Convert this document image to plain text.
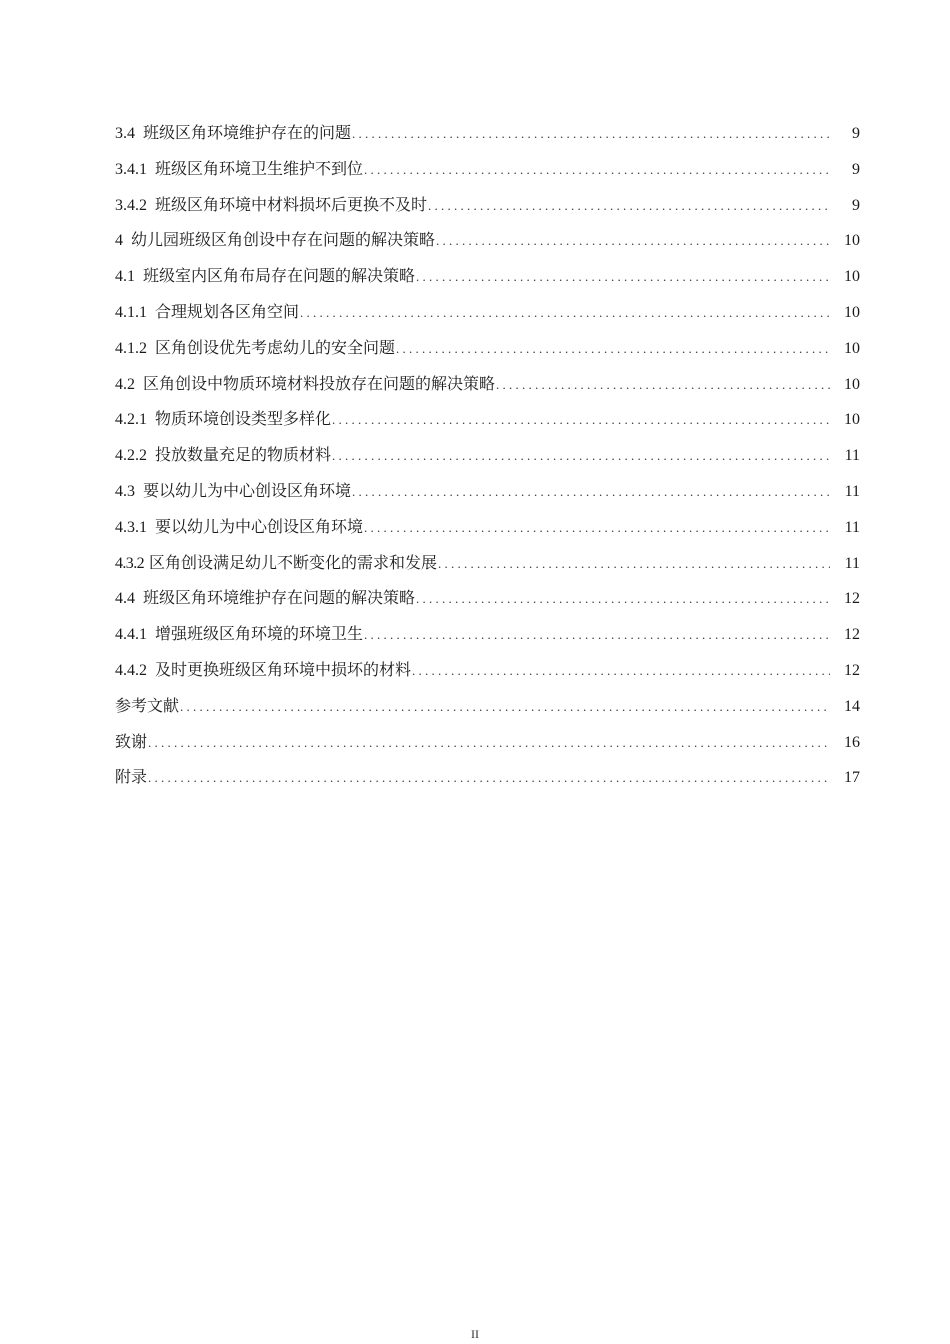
3.4 班级区角环境维护存在的问题 . . .	9
3.4.1 班级区角环境卫生维护不到位 . . .	9
3.4.2 班级区角环境中材料损坏后更换不及时 . . .	9
4 幼儿园班级区角创设中存在问题的解决策略 . . .	10
4.1 班级室内区角布局存在问题的解决策略 . . .	10
4.1.1 合理规划各区角空间 . . .	10
4.1.2 区角创设优先考虑幼儿的安全问题 . . .	10
4.2 区角创设中物质环境材料投放存在问题的解决策略 . . .	10
4.2.1 物质环境创设类型多样化 . . .	10
4.2.2 投放数量充足的物质材料 . . .	11
4.3 要以幼儿为中心创设区角环境 . . .	11
4.3.1 要以幼儿为中心创设区角环境 . . .	11
4.3.2 区角创设满足幼儿不断变化的需求和发展 . . .	11
4.4 班级区角环境维护存在问题的解决策略 . . .	12
4.4.1 增强班级区角环境的环境卫生 . . .	12
4.4.2 及时更换班级区角环境中损坏的材料 . . .	12
参考文献 . . .	14
致谢 . . .	16
附录 . . .	17
II
